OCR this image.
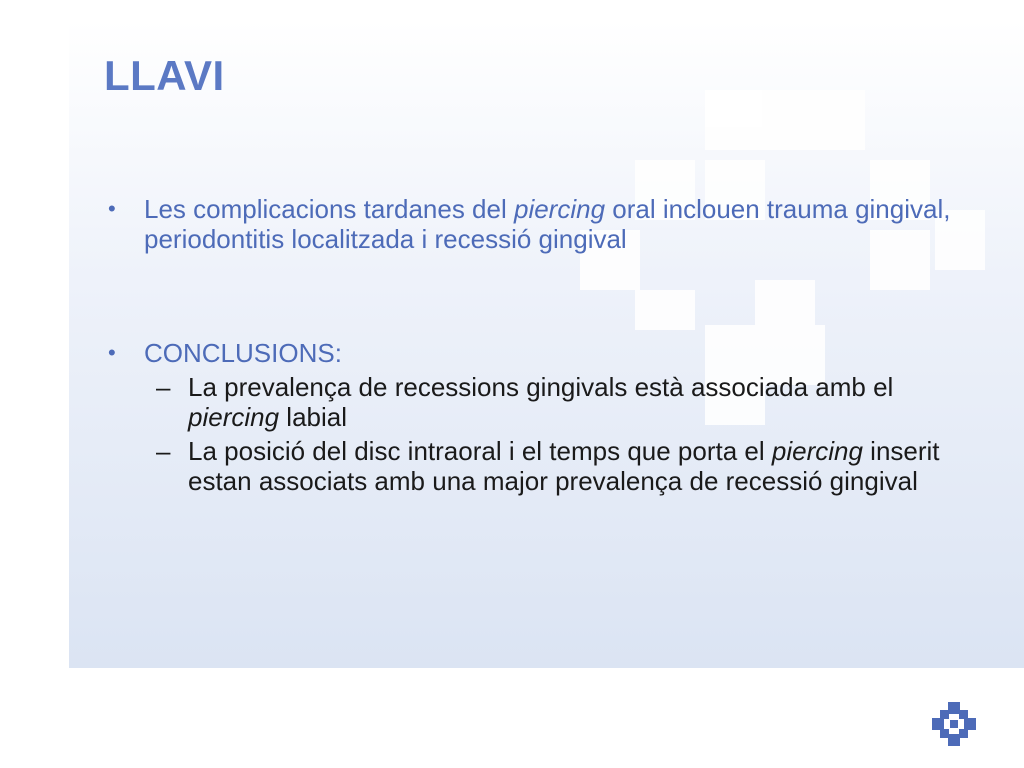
LLAVI

• Les complicacions tardanes del piercing oral inclouen trauma gingival, periodontitis localitzada i recessió gingival

• CONCLUSIONS:

– La prevalença de recessions gingivals està associada amb el piercing labial

– La posició del disc intraoral i el temps que porta el piercing inserit estan associats amb una major prevalença de recessió gingival
